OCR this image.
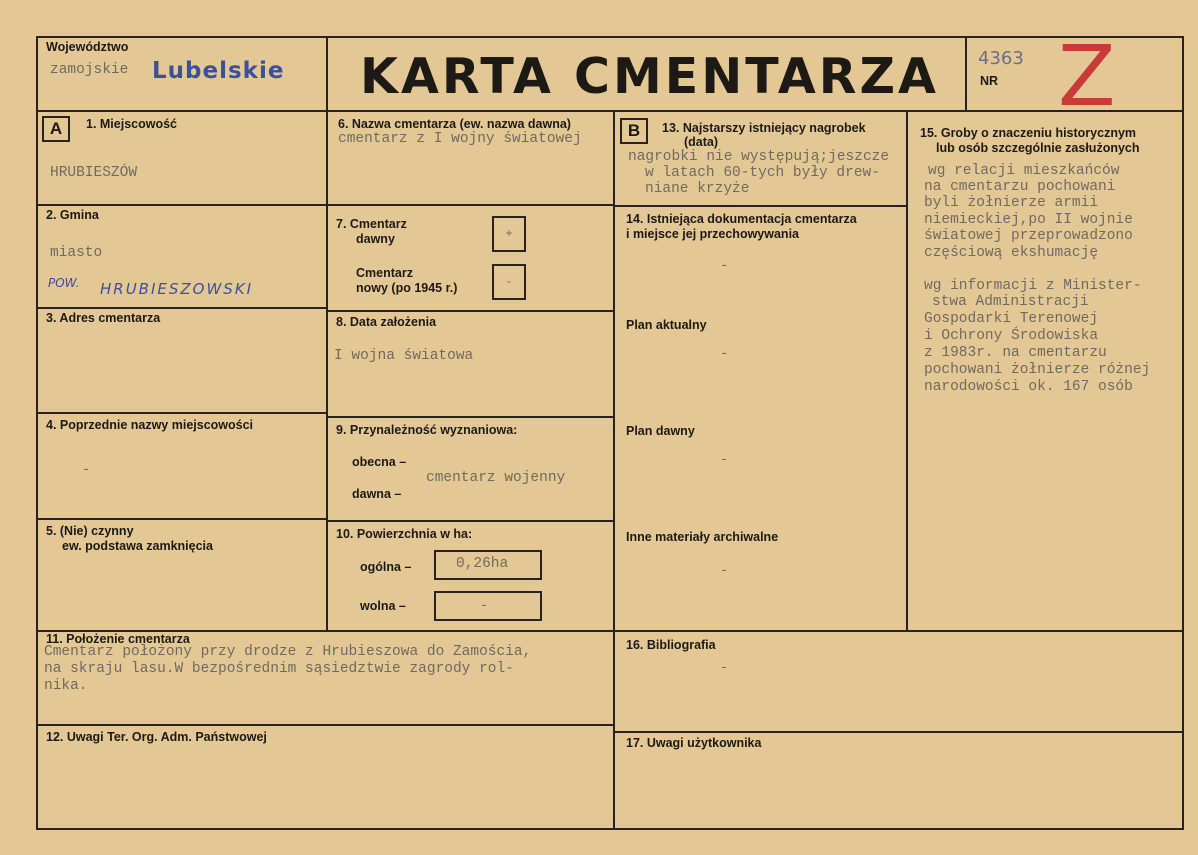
Województwo
zamojskie Lubelskie KARTA CMENTARZA	NR
4363 Z
A	1. Miejscowość
HRUBIESZÓW
2. Gmina
miasto
POW. HRUBIESZOWSKI
3. Adres cmentarza
4. Poprzednie nazwy miejscowości
-
5. (Nie) czynny
ew. podstawa zamknięcia
6. Nazwa cmentarza (ew. nazwa dawna)
cmentarz z I wojny światowej
7. Cmentarz
dawny	+
Cmentarz
nowy (po 1945 r.)	-
8. Data założenia
I wojna światowa
9. Przynależność wyznaniowa:
obecna –
dawna –
cmentarz wojenny
10. Powierzchnia w ha:
ogólna –	0,26ha
wolna –	-
B	13. Najstarszy istniejący nagrobek
(data)
nagrobki nie występują;jeszcze
w latach 60-tych były drew-
niane krzyże
14. Istniejąca dokumentacja cmentarza
i miejsce jej przechowywania
-
Plan aktualny
-
Plan dawny
-
Inne materiały archiwalne
-
15. Groby o znaczeniu historycznym
lub osób szczególnie zasłużonych
wg relacji mieszkańców
na cmentarzu pochowani
byli żołnierze armii
niemieckiej,po II wojnie
światowej przeprowadzono
częściową ekshumację
wg informacji z Minister-
stwa Administracji
Gospodarki Terenowej
i Ochrony Środowiska
z 1983r. na cmentarzu
pochowani żołnierze różnej
narodowości ok. 167 osób
11. Położenie cmentarza
Cmentarz położony przy drodze z Hrubieszowa do Zamościa,
na skraju lasu.W bezpośrednim sąsiedztwie zagrody rol-
nika.
16. Bibliografia
-
12. Uwagi Ter. Org. Adm. Państwowej	17. Uwagi użytkownika
